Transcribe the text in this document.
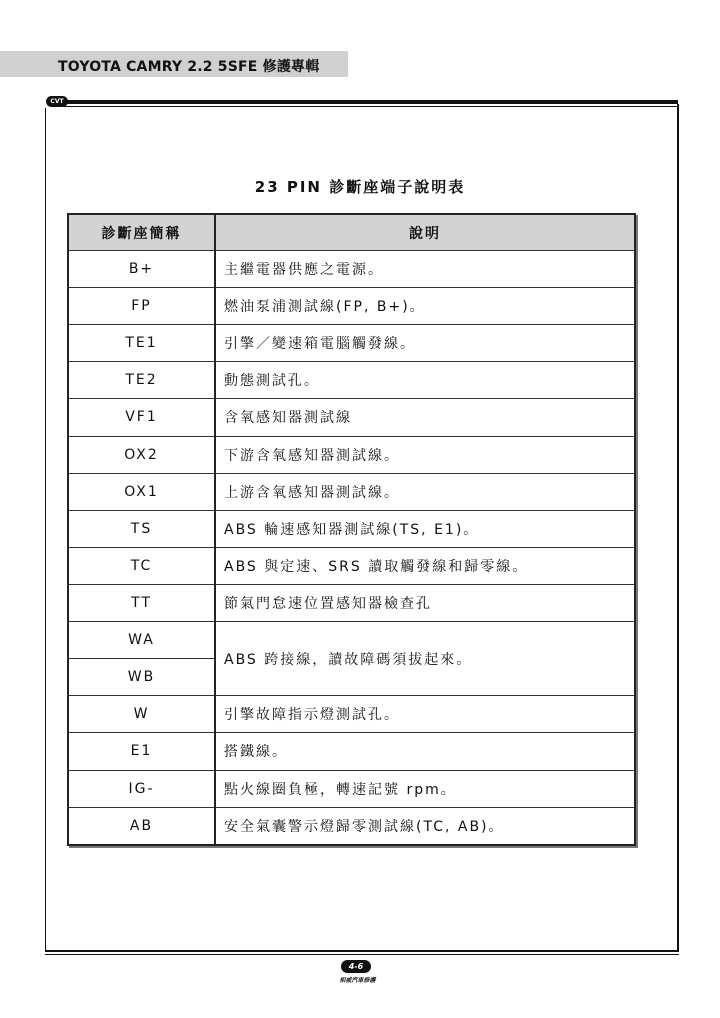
TOYOTA CAMRY 2.2 5SFE 修護專輯
CVT
23 PIN 診斷座端子說明表
診斷座簡稱	說明
B+	主繼電器供應之電源。
FP	燃油泵浦測試線(FP, B+)。
TE1	引擎／變速箱電腦觸發線。
TE2	動態測試孔。
VF1	含氧感知器測試線
OX2	下游含氧感知器測試線。
OX1	上游含氧感知器測試線。
TS	ABS 輪速感知器測試線(TS, E1)。
TC	ABS 與定速、SRS 讀取觸發線和歸零線。
TT	節氣門怠速位置感知器檢查孔
WA	ABS 跨接線，讀故障碼須拔起來。
WB	
W	引擎故障指示燈測試孔。
E1	搭鐵線。
IG-	點火線圈負極，轉速記號 rpm。
AB	安全氣囊警示燈歸零測試線(TC, AB)。
4-6
相威汽車修護
